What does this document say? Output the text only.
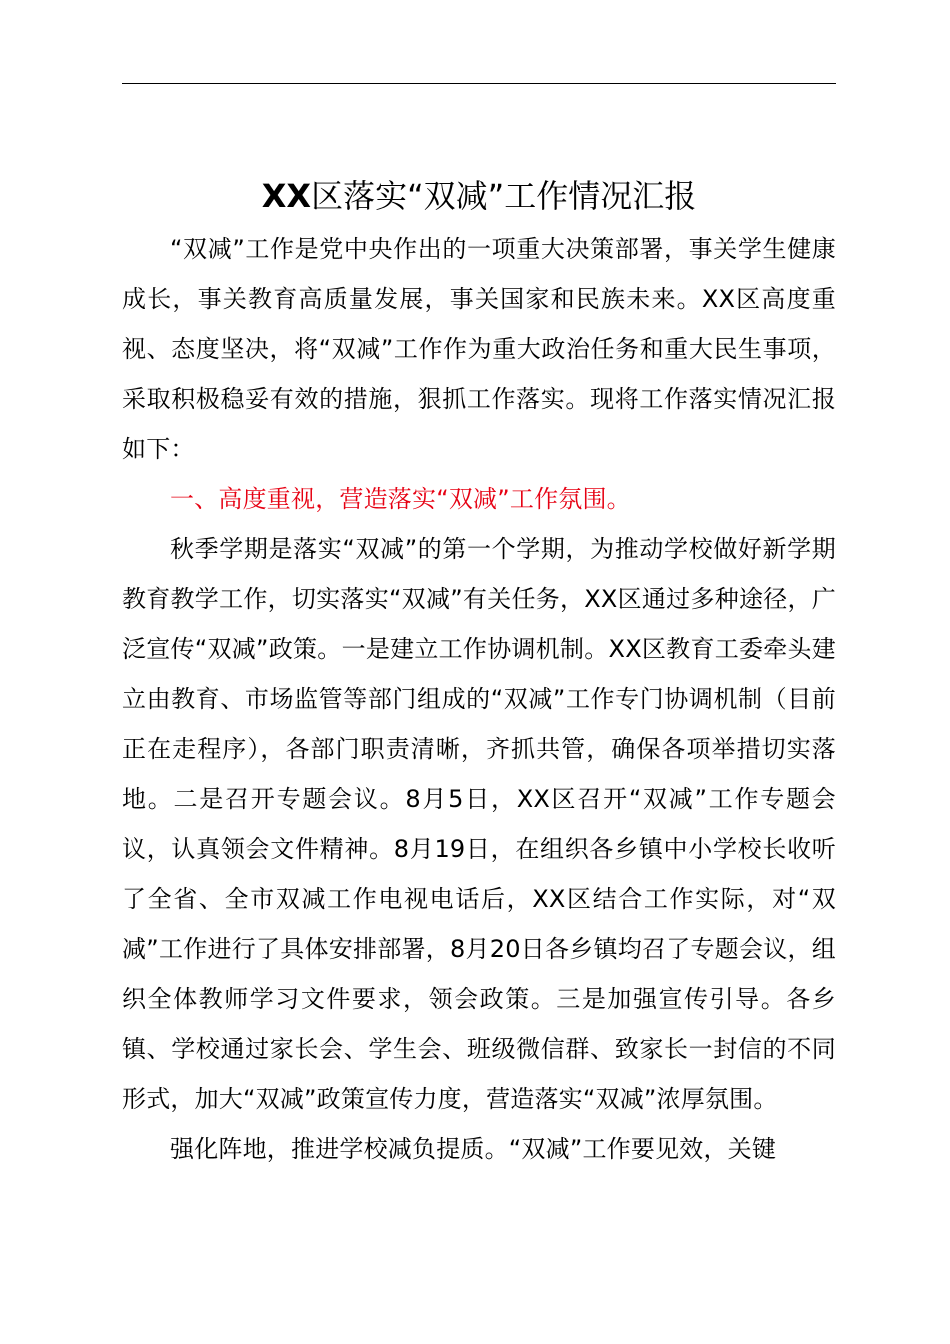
XX区落实“双减”工作情况汇报

“双减”工作是党中央作出的一项重大决策部署，事关学生健康成长，事关教育高质量发展，事关国家和民族未来。XX区高度重视、态度坚决，将“双减”工作作为重大政治任务和重大民生事项，采取积极稳妥有效的措施，狠抓工作落实。现将工作落实情况汇报如下：

一、高度重视，营造落实“双减”工作氛围。

秋季学期是落实“双减”的第一个学期，为推动学校做好新学期教育教学工作，切实落实“双减”有关任务，XX区通过多种途径，广泛宣传“双减”政策。一是建立工作协调机制。XX区教育工委牵头建立由教育、市场监管等部门组成的“双减”工作专门协调机制（目前正在走程序），各部门职责清晰，齐抓共管，确保各项举措切实落地。二是召开专题会议。8月5日，XX区召开“双减”工作专题会议，认真领会文件精神。8月19日，在组织各乡镇中小学校长收听了全省、全市双减工作电视电话后，XX区结合工作实际，对“双减”工作进行了具体安排部署，8月20日各乡镇均召了专题会议，组织全体教师学习文件要求，领会政策。三是加强宣传引导。各乡镇、学校通过家长会、学生会、班级微信群、致家长一封信的不同形式，加大“双减”政策宣传力度，营造落实“双减”浓厚氛围。

强化阵地，推进学校减负提质。“双减”工作要见效，关键
